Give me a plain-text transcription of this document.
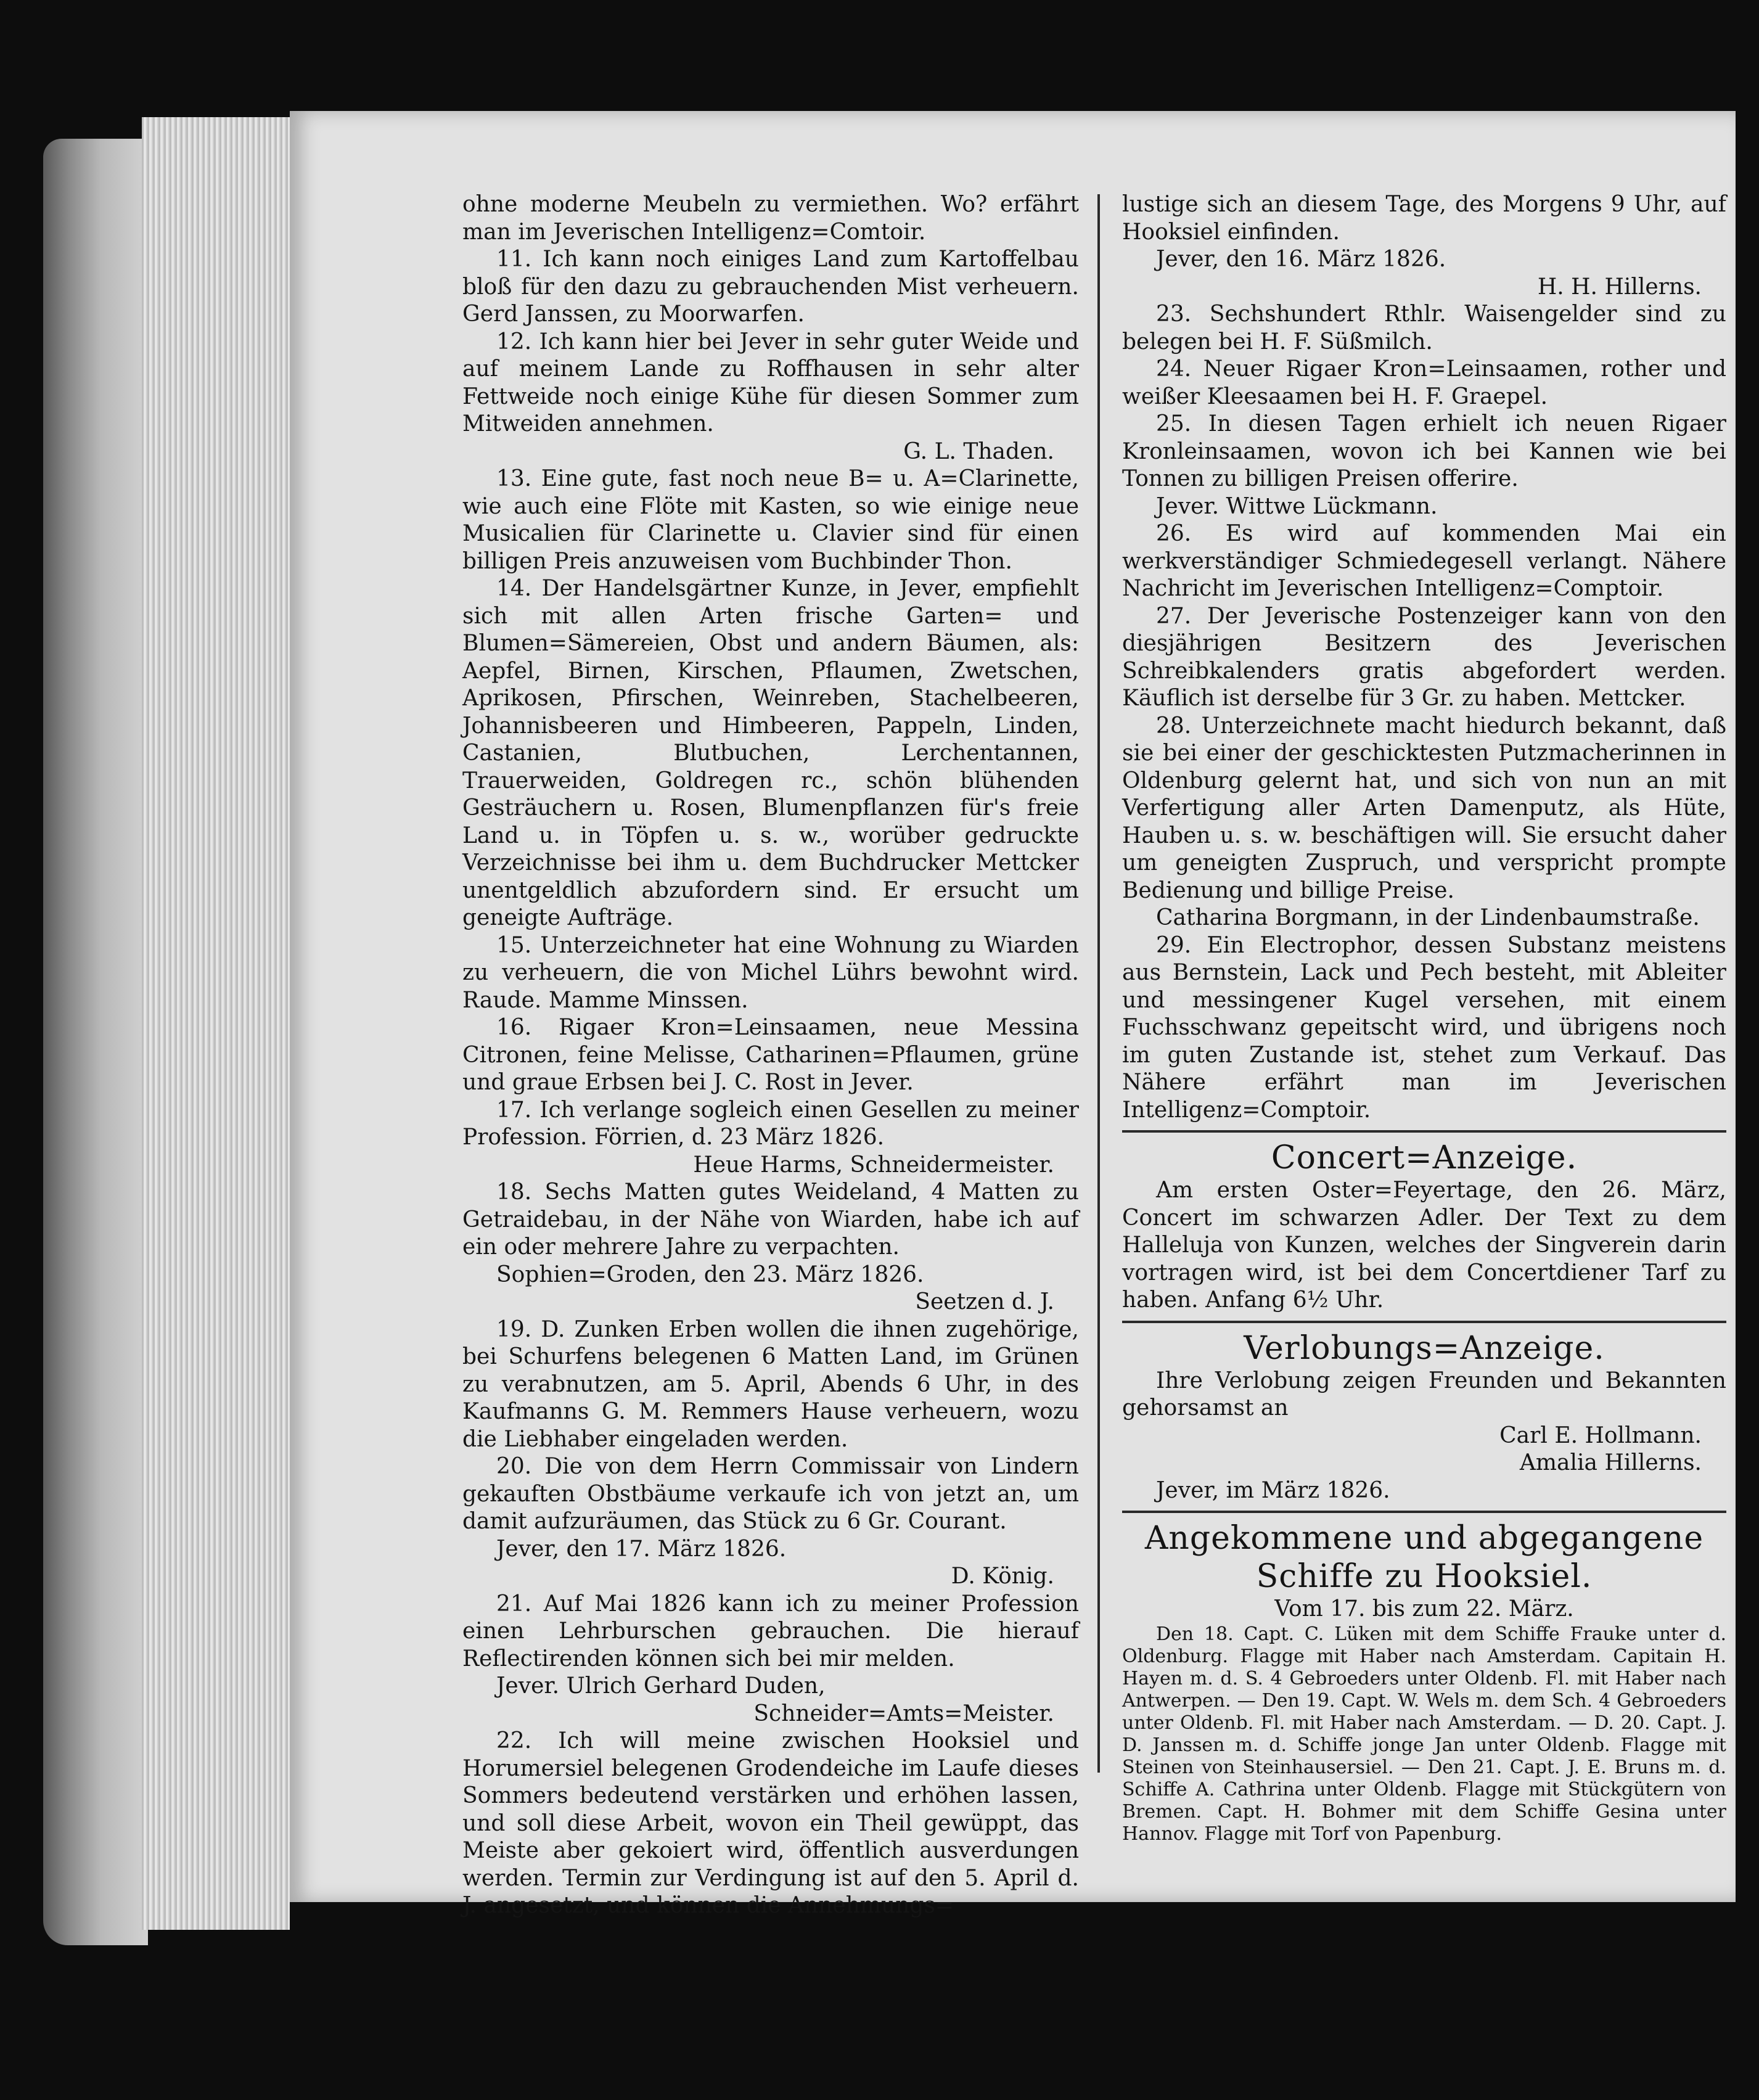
ohne moderne Meubeln zu vermiethen. Wo? erfährt man im Jeverischen Intelligenz=Comtoir.

11. Ich kann noch einiges Land zum Kartoffelbau bloß für den dazu zu gebrauchenden Mist verheuern. Gerd Janssen, zu Moorwarfen.

12. Ich kann hier bei Jever in sehr guter Weide und auf meinem Lande zu Roffhausen in sehr alter Fettweide noch einige Kühe für diesen Sommer zum Mitweiden annehmen.

G. L. Thaden.

13. Eine gute, fast noch neue B= u. A=Clarinette, wie auch eine Flöte mit Kasten, so wie einige neue Musicalien für Clarinette u. Clavier sind für einen billigen Preis anzuweisen vom Buchbinder Thon.

14. Der Handelsgärtner Kunze, in Jever, empfiehlt sich mit allen Arten frische Garten= und Blumen=Sämereien, Obst und andern Bäumen, als: Aepfel, Birnen, Kirschen, Pflaumen, Zwetschen, Aprikosen, Pfirschen, Weinreben, Stachelbeeren, Johannisbeeren und Himbeeren, Pappeln, Linden, Castanien, Blutbuchen, Lerchentannen, Trauerweiden, Goldregen rc., schön blühenden Gesträuchern u. Rosen, Blumenpflanzen für's freie Land u. in Töpfen u. s. w., worüber gedruckte Verzeichnisse bei ihm u. dem Buchdrucker Mettcker unentgeldlich abzufordern sind. Er ersucht um geneigte Aufträge.

15. Unterzeichneter hat eine Wohnung zu Wiarden zu verheuern, die von Michel Lührs bewohnt wird. Raude. Mamme Minssen.

16. Rigaer Kron=Leinsaamen, neue Messina Citronen, feine Melisse, Catharinen=Pflaumen, grüne und graue Erbsen bei J. C. Rost in Jever.

17. Ich verlange sogleich einen Gesellen zu meiner Profession. Förrien, d. 23 März 1826.

Heue Harms, Schneidermeister.

18. Sechs Matten gutes Weideland, 4 Matten zu Getraidebau, in der Nähe von Wiarden, habe ich auf ein oder mehrere Jahre zu verpachten.

Sophien=Groden, den 23. März 1826.

Seetzen d. J.

19. D. Zunken Erben wollen die ihnen zugehörige, bei Schurfens belegenen 6 Matten Land, im Grünen zu verabnutzen, am 5. April, Abends 6 Uhr, in des Kaufmanns G. M. Remmers Hause verheuern, wozu die Liebhaber eingeladen werden.

20. Die von dem Herrn Commissair von Lindern gekauften Obstbäume verkaufe ich von jetzt an, um damit aufzuräumen, das Stück zu 6 Gr. Courant.

Jever, den 17. März 1826.

D. König.

21. Auf Mai 1826 kann ich zu meiner Profession einen Lehrburschen gebrauchen. Die hierauf Reflectirenden können sich bei mir melden.

Jever. Ulrich Gerhard Duden,

Schneider=Amts=Meister.

22. Ich will meine zwischen Hooksiel und Horumersiel belegenen Grodendeiche im Laufe dieses Sommers bedeutend verstärken und erhöhen lassen, und soll diese Arbeit, wovon ein Theil gewüppt, das Meiste aber gekoiert wird, öffentlich ausverdungen werden. Termin zur Verdingung ist auf den 5. April d. J. angesetzt, und können die Annehmungs=

lustige sich an diesem Tage, des Morgens 9 Uhr, auf Hooksiel einfinden.

Jever, den 16. März 1826.

H. H. Hillerns.

23. Sechshundert Rthlr. Waisengelder sind zu belegen bei H. F. Süßmilch.

24. Neuer Rigaer Kron=Leinsaamen, rother und weißer Kleesaamen bei H. F. Graepel.

25. In diesen Tagen erhielt ich neuen Rigaer Kronleinsaamen, wovon ich bei Kannen wie bei Tonnen zu billigen Preisen offerire.

Jever. Wittwe Lückmann.

26. Es wird auf kommenden Mai ein werkverständiger Schmiedegesell verlangt. Nähere Nachricht im Jeverischen Intelligenz=Comptoir.

27. Der Jeverische Postenzeiger kann von den diesjährigen Besitzern des Jeverischen Schreibkalenders gratis abgefordert werden. Käuflich ist derselbe für 3 Gr. zu haben. Mettcker.

28. Unterzeichnete macht hiedurch bekannt, daß sie bei einer der geschicktesten Putzmacherinnen in Oldenburg gelernt hat, und sich von nun an mit Verfertigung aller Arten Damenputz, als Hüte, Hauben u. s. w. beschäftigen will. Sie ersucht daher um geneigten Zuspruch, und verspricht prompte Bedienung und billige Preise.

Catharina Borgmann, in der Lindenbaumstraße.

29. Ein Electrophor, dessen Substanz meistens aus Bernstein, Lack und Pech besteht, mit Ableiter und messingener Kugel versehen, mit einem Fuchsschwanz gepeitscht wird, und übrigens noch im guten Zustande ist, stehet zum Verkauf. Das Nähere erfährt man im Jeverischen Intelligenz=Comptoir.

Concert=Anzeige.

Am ersten Oster=Feyertage, den 26. März, Concert im schwarzen Adler. Der Text zu dem Halleluja von Kunzen, welches der Singverein darin vortragen wird, ist bei dem Concertdiener Tarf zu haben. Anfang 6½ Uhr.

Verlobungs=Anzeige.

Ihre Verlobung zeigen Freunden und Bekannten gehorsamst an

Carl E. Hollmann.

Amalia Hillerns.

Jever, im März 1826.

Angekommene und abgegangene Schiffe zu Hooksiel.

Vom 17. bis zum 22. März.

Den 18. Capt. C. Lüken mit dem Schiffe Frauke unter d. Oldenburg. Flagge mit Haber nach Amsterdam. Capitain H. Hayen m. d. S. 4 Gebroeders unter Oldenb. Fl. mit Haber nach Antwerpen. — Den 19. Capt. W. Wels m. dem Sch. 4 Gebroeders unter Oldenb. Fl. mit Haber nach Amsterdam. — D. 20. Capt. J. D. Janssen m. d. Schiffe jonge Jan unter Oldenb. Flagge mit Steinen von Steinhausersiel. — Den 21. Capt. J. E. Bruns m. d. Schiffe A. Cathrina unter Oldenb. Flagge mit Stückgütern von Bremen. Capt. H. Bohmer mit dem Schiffe Gesina unter Hannov. Flagge mit Torf von Papenburg.
